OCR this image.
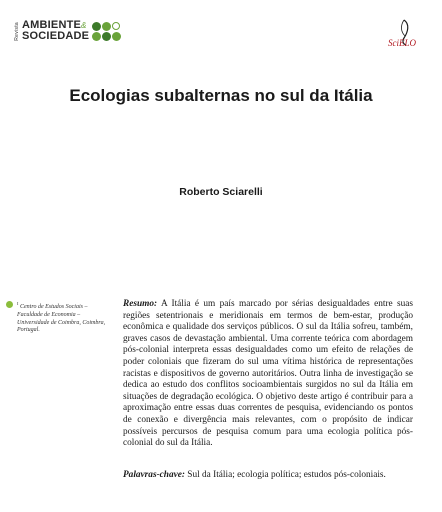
Revista AMBIENTE&
SOCIEDADE
SciELO
Ecologias subalternas no sul da Itália
Roberto Sciarelli
$^I$ Centro de Estudos Sociais – Faculdade de Economia – Universidade de Coimbra, Coimbra, Portugal.
Resumo: A Itália é um país marcado por sérias desigualdades entre suas regiões setentrionais e meridionais em termos de bem-estar, produção econômica e qualidade dos serviços públicos. O sul da Itália sofreu, também, graves casos de devastação ambiental. Uma corrente teórica com abordagem pós-colonial interpreta essas desigualdades como um efeito de relações de poder coloniais que fizeram do sul uma vítima histórica de representações racistas e dispositivos de governo autoritários. Outra linha de investigação se dedica ao estudo dos conflitos socioambientais surgidos no sul da Itália em situações de degradação ecológica. O objetivo deste artigo é contribuir para a aproximação entre essas duas correntes de pesquisa, evidenciando os pontos de conexão e divergência mais relevantes, com o propósito de indicar possíveis percursos de pesquisa comum para uma ecologia política pós-colonial do sul da Itália.
Palavras-chave: Sul da Itália; ecologia política; estudos pós-coloniais.
